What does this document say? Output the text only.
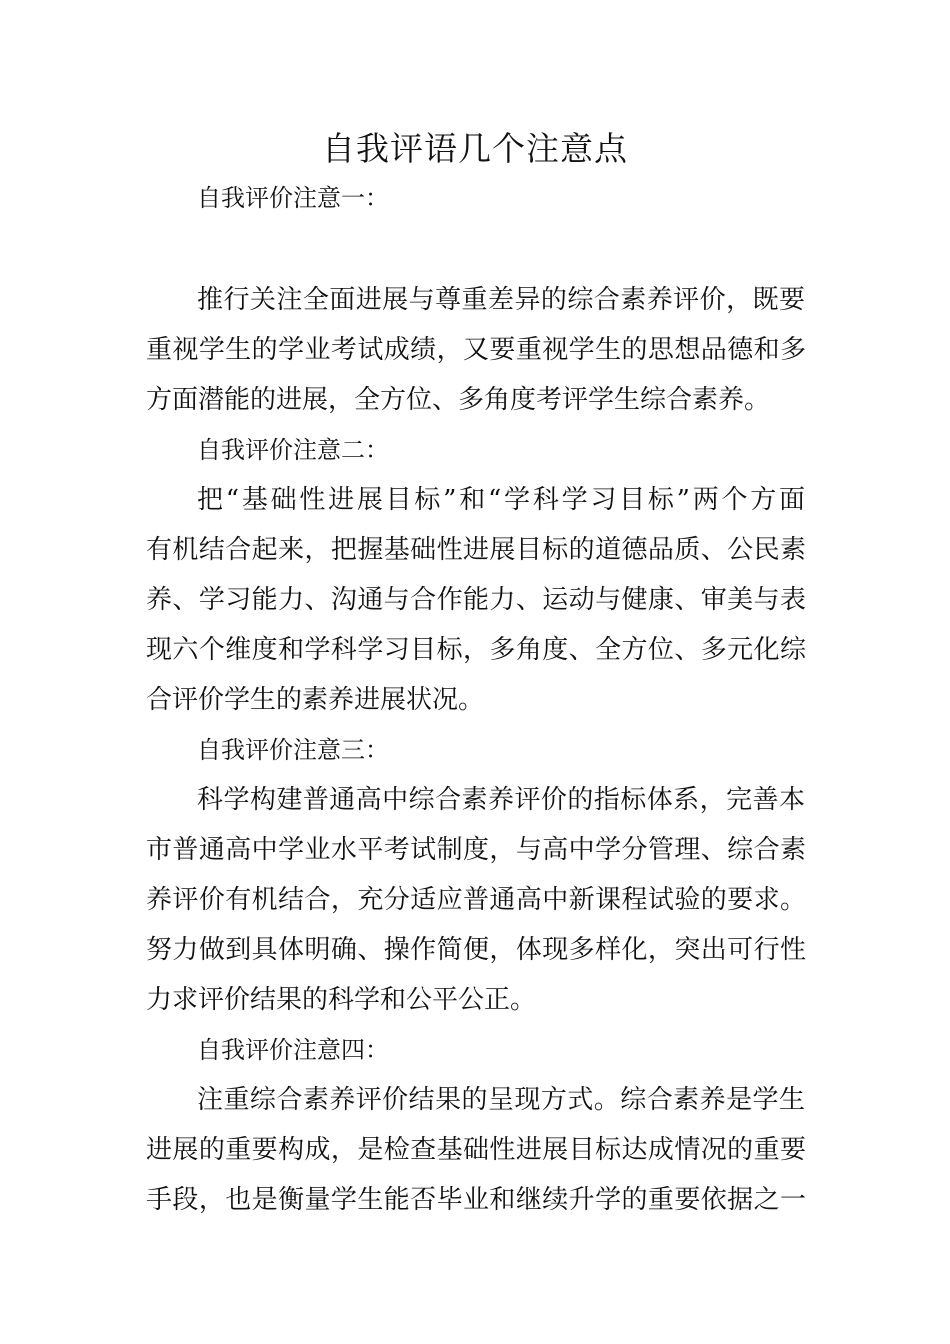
自我评语几个注意点

自我评价注意一：

推行关注全面进展与尊重差异的综合素养评价，既要

重视学生的学业考试成绩，又要重视学生的思想品德和多

方面潜能的进展，全方位、多角度考评学生综合素养。

自我评价注意二：

把“基础性进展目标”和“学科学习目标”两个方面

有机结合起来，把握基础性进展目标的道德品质、公民素

养、学习能力、沟通与合作能力、运动与健康、审美与表

现六个维度和学科学习目标，多角度、全方位、多元化综

合评价学生的素养进展状况。

自我评价注意三：

科学构建普通高中综合素养评价的指标体系，完善本

市普通高中学业水平考试制度，与高中学分管理、综合素

养评价有机结合，充分适应普通高中新课程试验的要求。

努力做到具体明确、操作简便，体现多样化，突出可行性

力求评价结果的科学和公平公正。

自我评价注意四：

注重综合素养评价结果的呈现方式。综合素养是学生

进展的重要构成，是检查基础性进展目标达成情况的重要

手段，也是衡量学生能否毕业和继续升学的重要依据之一
